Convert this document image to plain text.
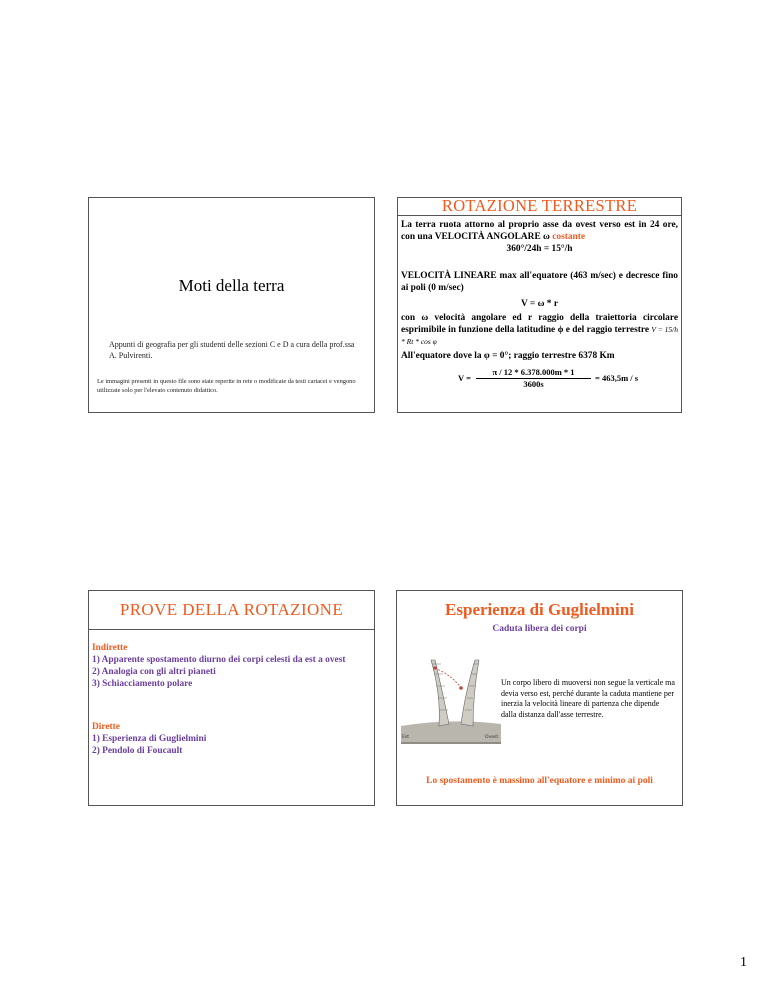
Moti della terra
Appunti di geografia per gli studenti delle sezioni C e D a cura della prof.ssa A. Pulvirenti.
Le immagini presenti in questo file sono state reperite in rete o modificate da testi cartacei e vengono utilizzate solo per l'elevato contenuto didattico.
ROTAZIONE TERRESTRE
La terra ruota attorno al proprio asse da ovest verso est in 24 ore, con una VELOCITÀ ANGOLARE ω costante
360°/24h = 15°/h
VELOCITÀ LINEARE max all'equatore (463 m/sec) e decresce fino ai poli (0 m/sec)
V = ω * r
con ω velocità angolare ed r raggio della traiettoria circolare esprimibile in funzione della latitudine ϕ e del raggio terrestre V = 15/h * Rt * cos φ
All'equatore dove la φ = 0°; raggio terrestre 6378 Km
V =
π / 12 * 6.378.000m * 1
3600s
= 463,5m / s
PROVE DELLA ROTAZIONE
Indirette
1) Apparente spostamento diurno dei corpi celesti da est a ovest
2) Analogia con gli altri pianeti
3) Schiacciamento polare
Dirette
1) Esperienza di Guglielmini
2) Pendolo di Foucault
Esperienza di Guglielmini
Caduta libera dei corpi
Est	Ovest
Un corpo libero di muoversi non segue la verticale ma devia verso est, perché durante la caduta mantiene per inerzia la velocità lineare di partenza che dipende dalla distanza dall'asse terrestre.
Lo spostamento è massimo all'equatore e minimo ai poli
1
